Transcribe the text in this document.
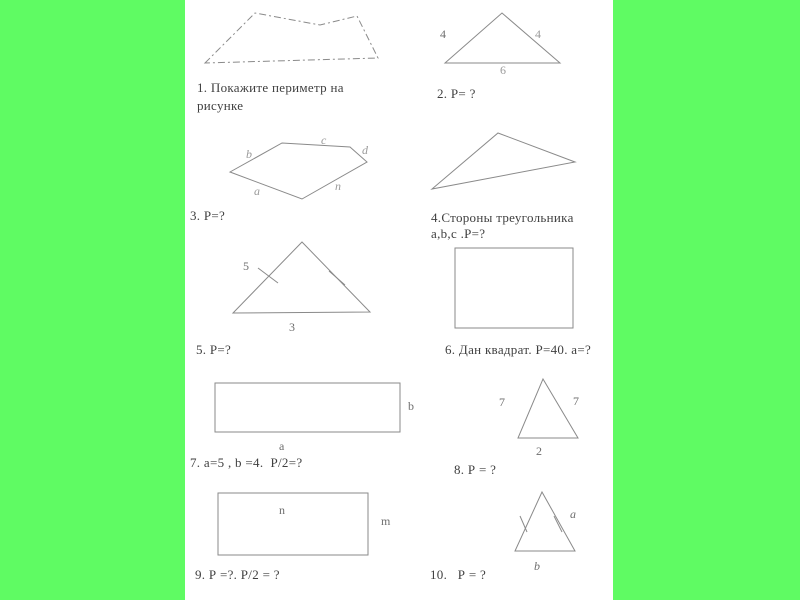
4	4
6
b
c
d
n
a
5
3
b
a
7	7
2
n
m	a
b
1. Покажите периметр на рисунке
2. Р= ?
3. Р=?	4.Стороны треугольника a,b,c .Р=?
5. Р=?	6. Дан квадрат. Р=40. а=?
7. a=5 , b =4.  Р/2=?	8. Р = ?
9. Р =?. Р/2 = ?	10.   Р = ?
